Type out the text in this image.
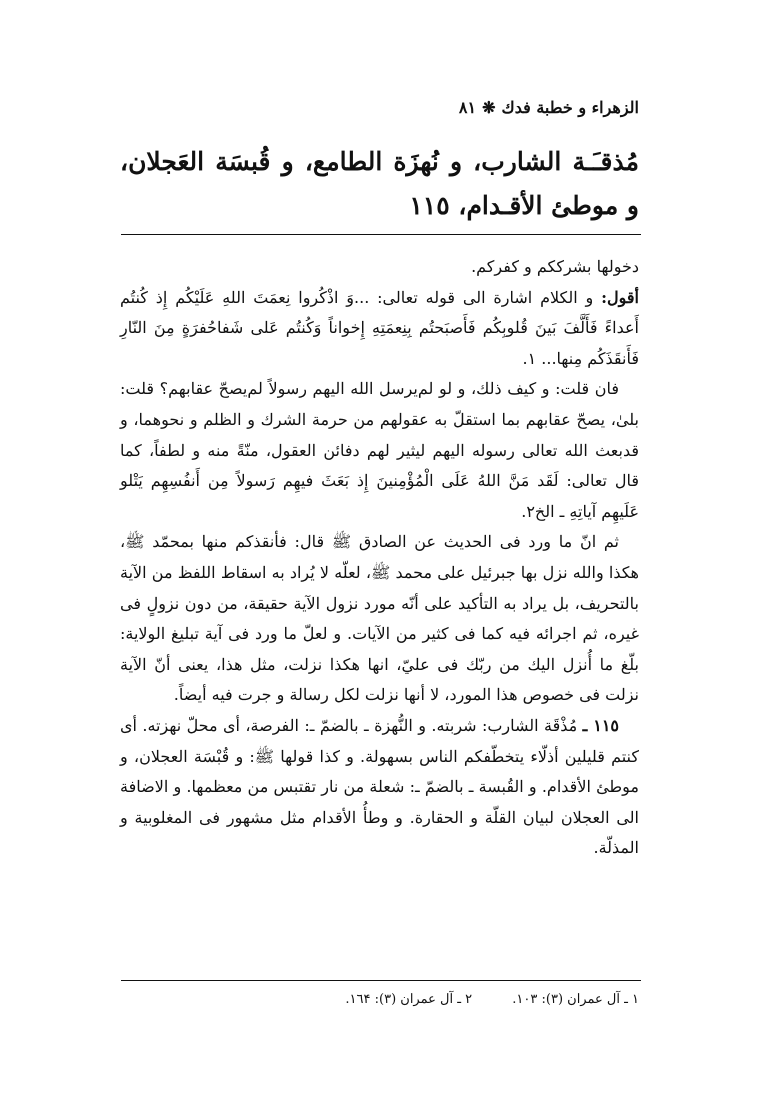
الزهراء و خطبة فدك❋٨١
مُذقـَـة الشارب، و نُهزَة الطامع، و قُبسَة العَجلان، و موطئ الأقـدام، ١١٥

دخولها بشرككم و كفركم.

أقول: و الكلام اشارة الى قوله تعالى: ...وَ اذْكُروا نِعمَتَ اللهِ عَلَيْكُم إِذ كُنتُم أَعداءً فَأَلَّفَ بَينَ قُلوبِكُم فَأَصبَحتُم بِنِعمَتِهِ إِخواناً وَكُنتُم عَلى شَفاحُفرَةٍ مِنَ النّارِ فَأَنقَذَكُم مِنها... ١.

فان قلت: و كيف ذلك، و لو لم‌يرسل الله اليهم رسولاً لم‌يصحّ عقابهم؟ قلت: بلیٰ، يصحّ عقابهم بما استقلّ به عقولهم من حرمة الشرك و الظلم و نحوهما، و قدبعث الله تعالى رسوله اليهم ليثير لهم دفائن العقول، منّةً منه و لطفاً، كما قال تعالى: لَقَد مَنَّ اللهُ عَلَى الْمُؤْمِنينَ إِذ بَعَثَ فيهِم رَسولاً مِن أَنفُسِهِم يَتْلو عَلَيهِم آياتِهِ ـ الخ٢.

ثم انّ ما ورد فى الحديث عن الصادق ﷺ قال: فأنقذكم منها بمحمّد ﷺ، هكذا والله نزل بها جبرئيل على محمد ﷺ، لعلّه لا يُراد به اسقاط اللفظ من الآية بالتحريف، بل يراد به التأكيد على أنّه مورد نزول الآية حقيقة، من دون نزولٍ فى غيره، ثم اجرائه فيه كما فى كثير من الآيات. و لعلّ ما ورد فى آية تبليغ الولاية: بلّغ ما أُنزل اليك من ربّك فى عليّ، انها هكذا نزلت، مثل هذا، يعنى أنّ الآية نزلت فى خصوص هذا المورد، لا أنها نزلت لكل رسالة و جرت فيه أيضاً.

١١٥ ـ مُذْقَة الشارب: شربته. و النُّهزة ـ بالضمّ ـ: الفرصة، أى محلّ نهزته. أى كنتم قليلين أذلّاء يتخطّفكم الناس بسهولة. و كذا قولها ﷺ: و قُبْسَة العجلان، و موطئ الأقدام. و القُبسة ـ بالضمّ ـ: شعلة من نار تقتبس من معظمها. و الاضافة الى العجلان لبيان القلّة و الحقارة. و وطأُ الأقدام مثل مشهور فى المغلوبية و المذلّة.

١ ـ آل عمران (٣): ١٠٣. ٢ ـ آل عمران (٣): ١٦۴.
